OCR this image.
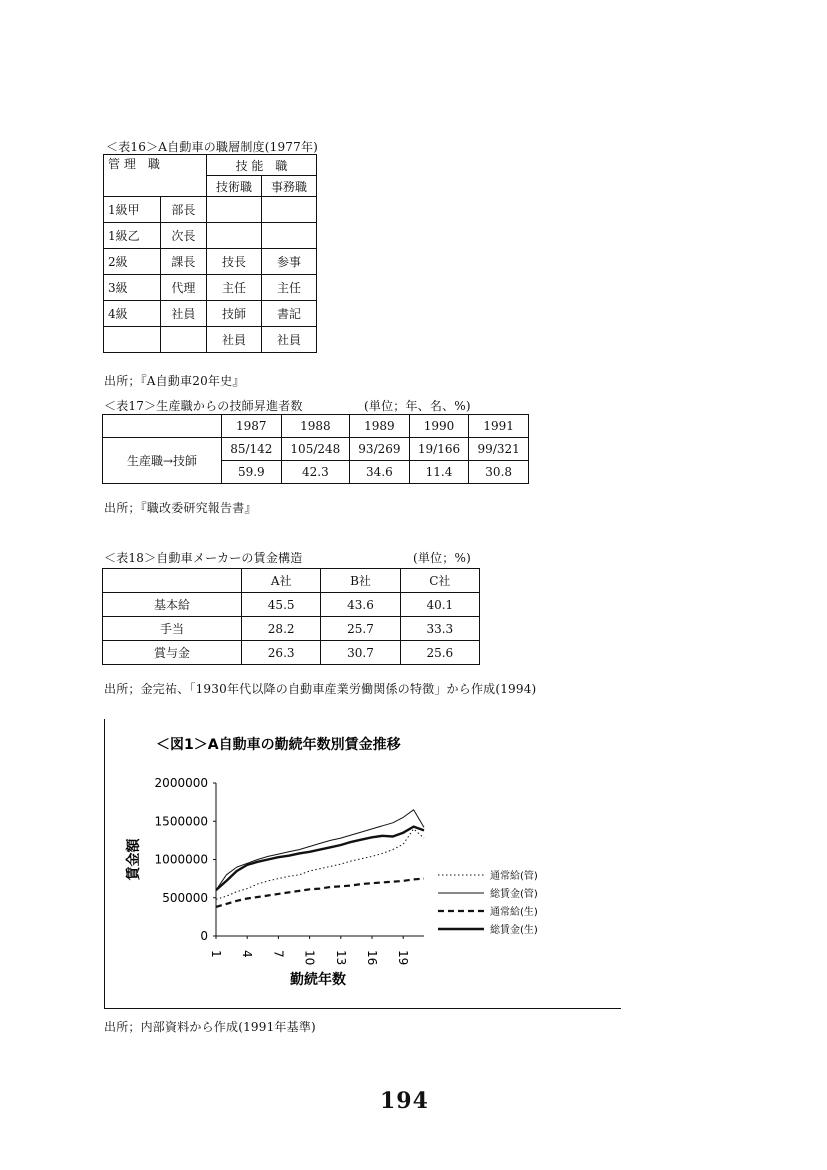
＜表16＞A自動車の職層制度(1977年)
管 理　職		技 能　職	
		技術職	事務職
1級甲	部長		
1級乙	次長		
2級	課長	技長	参事
3級	代理	主任	主任
4級	社員	技師	書記
		社員	社員
出所；『A自動車20年史』
＜表17＞生産職からの技師昇進者数	(単位；年、名、%)
	1987	1988	1989	1990	1991
生産職→技師	85/142	105/248	93/269	19/166	99/321
	59.9	42.3	34.6	11.4	30.8
出所；『職改委研究報告書』
＜表18＞自動車メーカーの賃金構造	(単位；%)
	A社	B社	C社
基本給	45.5	43.6	40.1
手当	28.2	25.7	33.3
賞与金	26.3	30.7	25.6
出所；金完祐、「1930年代以降の自動車産業労働関係の特徴」から作成(1994)
＜図1＞A自動車の勤続年数別賃金推移
2000000
1500000
1000000
500000
0
1 4 7 10 13 16 19
賃金額
勤続年数
通常給(管)
総賃金(管)
通常給(生)
総賃金(生)
出所；内部資料から作成(1991年基準)
194
